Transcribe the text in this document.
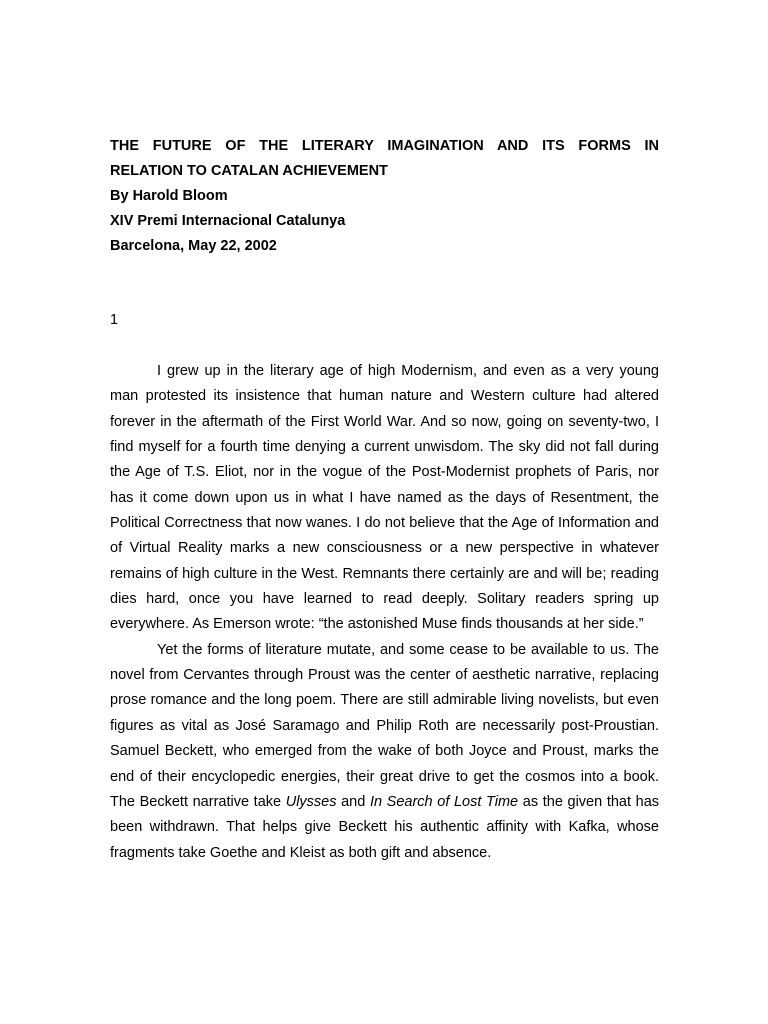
THE FUTURE OF THE LITERARY IMAGINATION AND ITS FORMS IN
RELATION TO CATALAN ACHIEVEMENT
By Harold Bloom
XIV Premi Internacional Catalunya
Barcelona, May 22, 2002

1

I grew up in the literary age of high Modernism, and even as a very young man protested its insistence that human nature and Western culture had altered forever in the aftermath of the First World War. And so now, going on seventy-two, I find myself for a fourth time denying a current unwisdom. The sky did not fall during the Age of T.S. Eliot, nor in the vogue of the Post-Modernist prophets of Paris, nor has it come down upon us in what I have named as the days of Resentment, the Political Correctness that now wanes. I do not believe that the Age of Information and of Virtual Reality marks a new consciousness or a new perspective in whatever remains of high culture in the West. Remnants there certainly are and will be; reading dies hard, once you have learned to read deeply. Solitary readers spring up everywhere. As Emerson wrote: “the astonished Muse finds thousands at her side.”

Yet the forms of literature mutate, and some cease to be available to us. The novel from Cervantes through Proust was the center of aesthetic narrative, replacing prose romance and the long poem. There are still admirable living novelists, but even figures as vital as José Saramago and Philip Roth are necessarily post-Proustian. Samuel Beckett, who emerged from the wake of both Joyce and Proust, marks the end of their encyclopedic energies, their great drive to get the cosmos into a book. The Beckett narrative take Ulysses and In Search of Lost Time as the given that has been withdrawn. That helps give Beckett his authentic affinity with Kafka, whose fragments take Goethe and Kleist as both gift and absence.
